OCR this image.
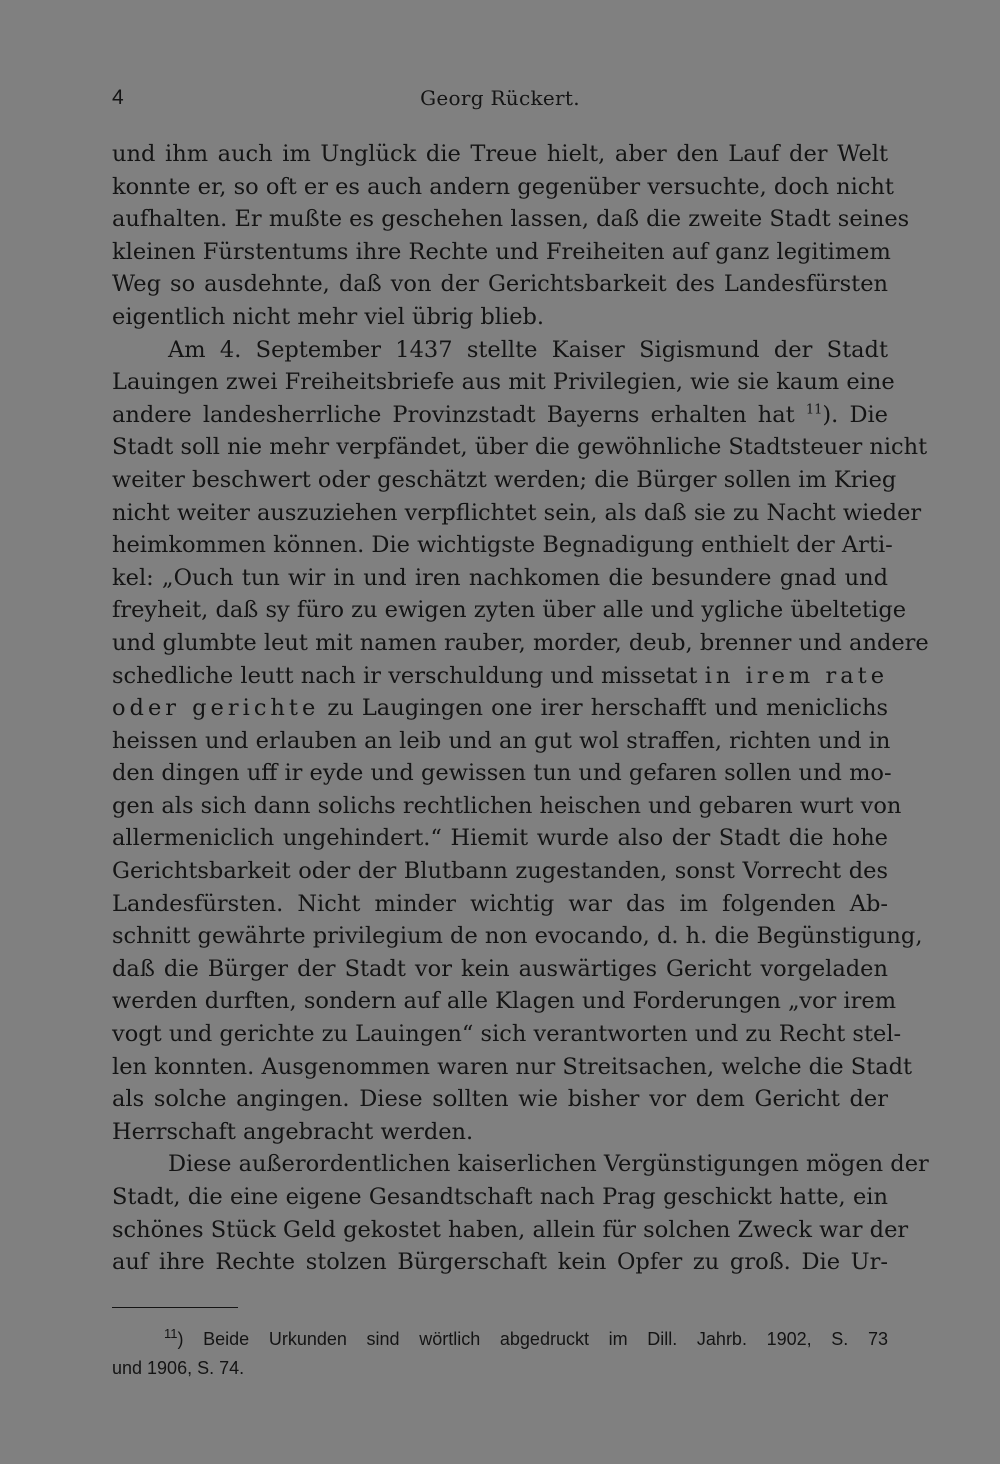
4	Georg Rückert.
und ihm auch im Unglück die Treue hielt, aber den Lauf der Welt
konnte er, so oft er es auch andern gegenüber versuchte, doch nicht
aufhalten. Er mußte es geschehen lassen, daß die zweite Stadt seines
kleinen Fürstentums ihre Rechte und Freiheiten auf ganz legitimem
Weg so ausdehnte, daß von der Gerichtsbarkeit des Landesfürsten
eigentlich nicht mehr viel übrig blieb.
Am 4. September 1437 stellte Kaiser Sigismund der Stadt
Lauingen zwei Freiheitsbriefe aus mit Privilegien, wie sie kaum eine
andere landesherrliche Provinzstadt Bayerns erhalten hat $^{11}$). Die
Stadt soll nie mehr verpfändet, über die gewöhnliche Stadtsteuer nicht
weiter beschwert oder geschätzt werden; die Bürger sollen im Krieg
nicht weiter auszuziehen verpflichtet sein, als daß sie zu Nacht wieder
heimkommen können. Die wichtigste Begnadigung enthielt der Arti-
kel: „Ouch tun wir in und iren nachkomen die besundere gnad und
freyheit, daß sy füro zu ewigen zyten über alle und ygliche übeltetige
und glumbte leut mit namen rauber, morder, deub, brenner und andere
schedliche leutt nach ir verschuldung und missetat in irem rate
oder gerichte zu Laugingen one irer herschafft und meniclichs
heissen und erlauben an leib und an gut wol straffen, richten und in
den dingen uff ir eyde und gewissen tun und gefaren sollen und mo-
gen als sich dann solichs rechtlichen heischen und gebaren wurt von
allermeniclich ungehindert.“ Hiemit wurde also der Stadt die hohe
Gerichtsbarkeit oder der Blutbann zugestanden, sonst Vorrecht des
Landesfürsten. Nicht minder wichtig war das im folgenden Ab-
schnitt gewährte privilegium de non evocando, d. h. die Begünstigung,
daß die Bürger der Stadt vor kein auswärtiges Gericht vorgeladen
werden durften, sondern auf alle Klagen und Forderungen „vor irem
vogt und gerichte zu Lauingen“ sich verantworten und zu Recht stel-
len konnten. Ausgenommen waren nur Streitsachen, welche die Stadt
als solche angingen. Diese sollten wie bisher vor dem Gericht der
Herrschaft angebracht werden.
Diese außerordentlichen kaiserlichen Vergünstigungen mögen der
Stadt, die eine eigene Gesandtschaft nach Prag geschickt hatte, ein
schönes Stück Geld gekostet haben, allein für solchen Zweck war der
auf ihre Rechte stolzen Bürgerschaft kein Opfer zu groß. Die Ur-
$^{11}$) Beide Urkunden sind wörtlich abgedruckt im Dill. Jahrb. 1902, S. 73
und 1906, S. 74.
